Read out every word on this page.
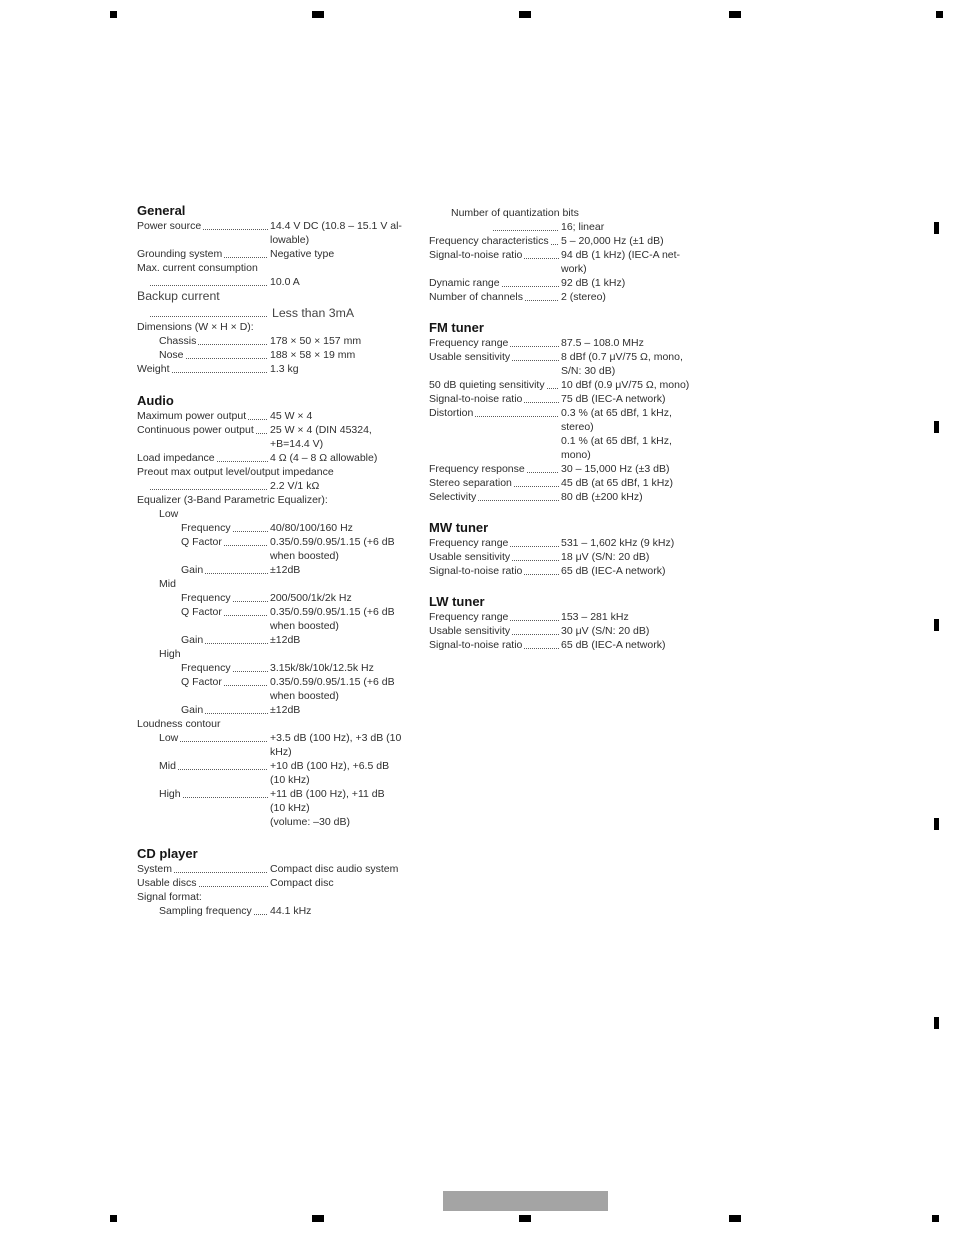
General
Power source	14.4 V DC (10.8 – 15.1 V al-
lowable)
Grounding system	Negative type
Max. current consumption
10.0 A
Backup current
Less than 3mA
Dimensions (W × H × D):
Chassis	178 × 50 × 157 mm
Nose	188 × 58 × 19 mm
Weight	1.3 kg
Audio
Maximum power output 45 W × 4
Continuous power output 25 W × 4 (DIN 45324,
+B=14.4 V)
Load impedance	4 Ω (4 – 8 Ω allowable)
Preout max output level/output impedance
2.2 V/1 kΩ
Equalizer (3-Band Parametric Equalizer):
Low
Frequency	40/80/100/160 Hz
Q Factor	0.35/0.59/0.95/1.15 (+6 dB
when boosted)
Gain	±12dB
Mid
Frequency	200/500/1k/2k Hz
Q Factor	0.35/0.59/0.95/1.15 (+6 dB
when boosted)
Gain	±12dB
High
Frequency	3.15k/8k/10k/12.5k Hz
Q Factor	0.35/0.59/0.95/1.15 (+6 dB
when boosted)
Gain	±12dB
Loudness contour
Low	+3.5 dB (100 Hz), +3 dB (10
kHz)
Mid	+10 dB (100 Hz), +6.5 dB
(10 kHz)
High	+11 dB (100 Hz), +11 dB
(10 kHz)
(volume: –30 dB)
CD player
System	Compact disc audio system
Usable discs	Compact disc
Signal format:
Sampling frequency 44.1 kHz
Number of quantization bits
16; linear
Frequency characteristics 5 – 20,000 Hz (±1 dB)
Signal-to-noise ratio	94 dB (1 kHz) (IEC-A net-
work)
Dynamic range	92 dB (1 kHz)
Number of channels	2 (stereo)
FM tuner
Frequency range	87.5 – 108.0 MHz
Usable sensitivity	8 dBf (0.7 μV/75 Ω, mono,
S/N: 30 dB)
50 dB quieting sensitivity 10 dBf (0.9 μV/75 Ω, mono)
Signal-to-noise ratio	75 dB (IEC-A network)
Distortion	0.3 % (at 65 dBf, 1 kHz,
stereo)
0.1 % (at 65 dBf, 1 kHz,
mono)
Frequency response	30 – 15,000 Hz (±3 dB)
Stereo separation	45 dB (at 65 dBf, 1 kHz)
Selectivity	80 dB (±200 kHz)
MW tuner
Frequency range	531 – 1,602 kHz (9 kHz)
Usable sensitivity	18 μV (S/N: 20 dB)
Signal-to-noise ratio	65 dB (IEC-A network)
LW tuner
Frequency range	153 – 281 kHz
Usable sensitivity	30 μV (S/N: 20 dB)
Signal-to-noise ratio	65 dB (IEC-A network)
